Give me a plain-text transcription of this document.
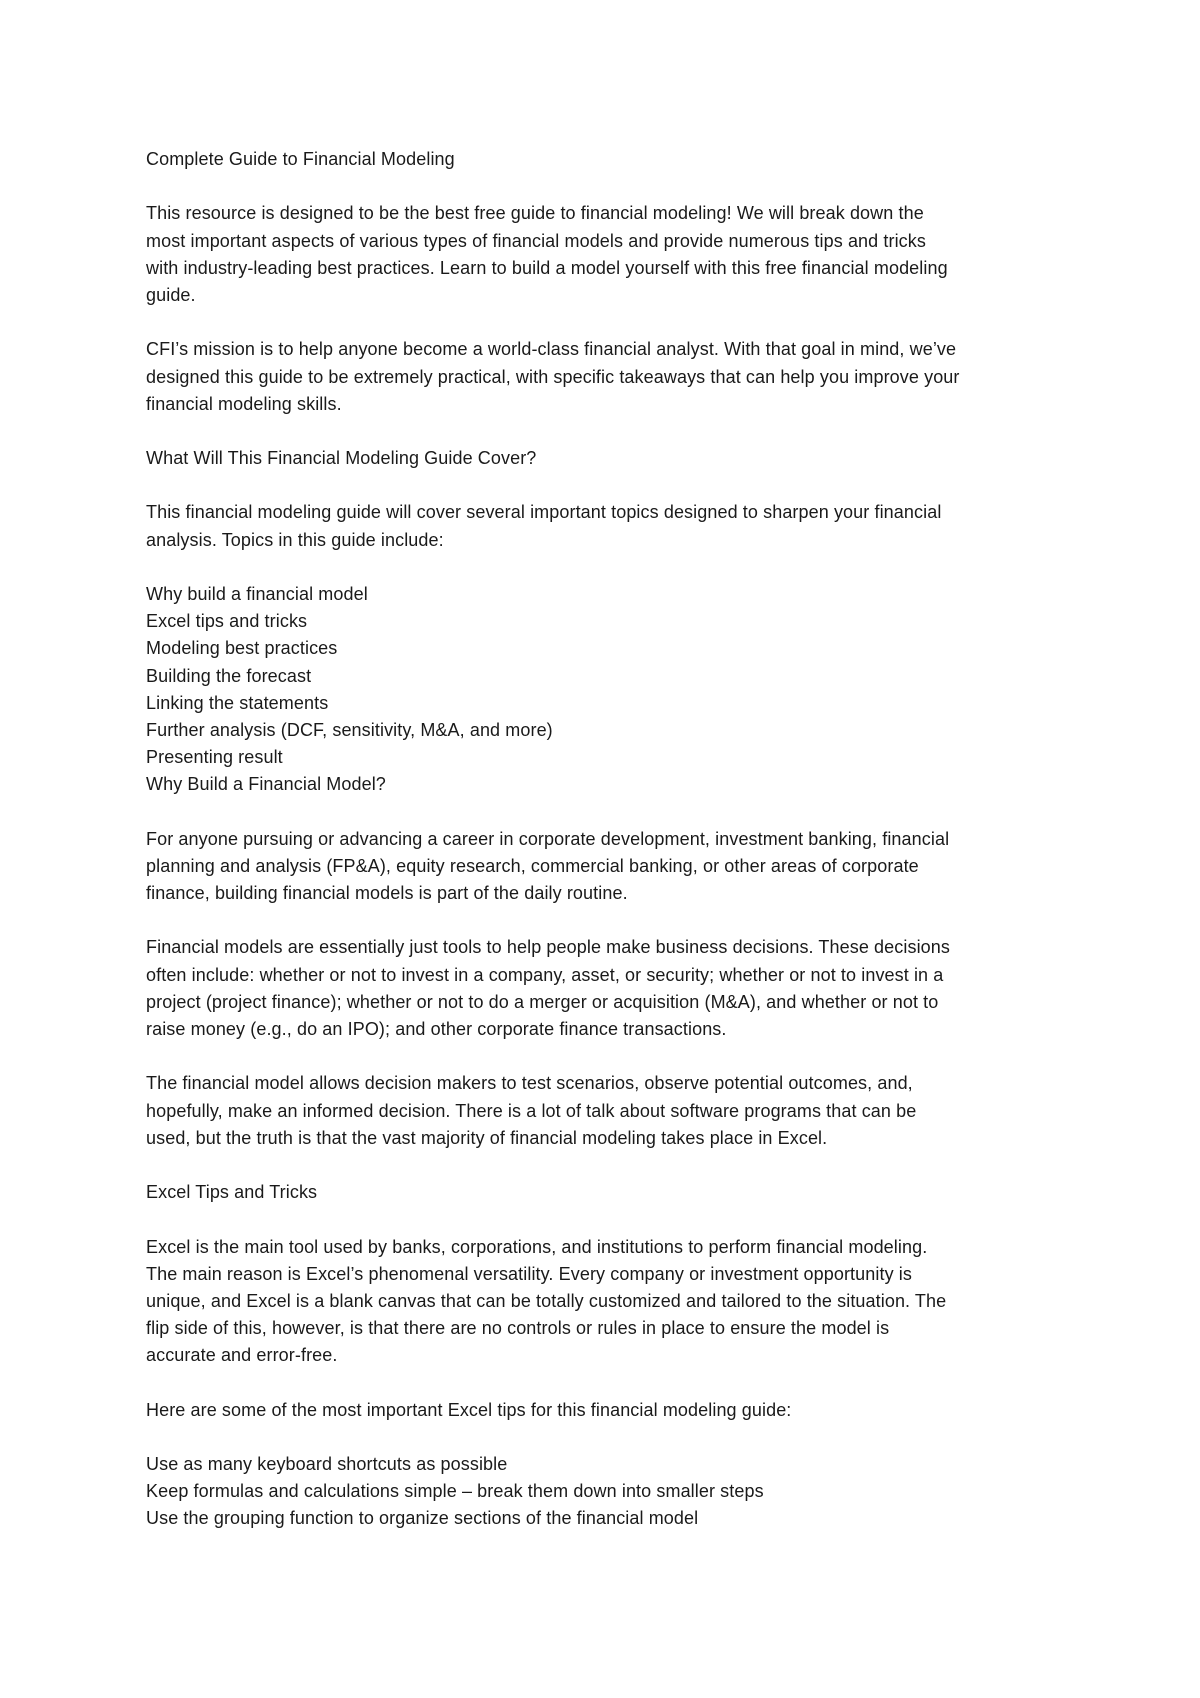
Complete Guide to Financial Modeling
This resource is designed to be the best free guide to financial modeling! We will break down the
most important aspects of various types of financial models and provide numerous tips and tricks
with industry-leading best practices. Learn to build a model yourself with this free financial modeling
guide.
CFI’s mission is to help anyone become a world-class financial analyst. With that goal in mind, we’ve
designed this guide to be extremely practical, with specific takeaways that can help you improve your
financial modeling skills.
What Will This Financial Modeling Guide Cover?
This financial modeling guide will cover several important topics designed to sharpen your financial
analysis. Topics in this guide include:
Why build a financial model
Excel tips and tricks
Modeling best practices
Building the forecast
Linking the statements
Further analysis (DCF, sensitivity, M&A, and more)
Presenting result
Why Build a Financial Model?
For anyone pursuing or advancing a career in corporate development, investment banking, financial
planning and analysis (FP&A), equity research, commercial banking, or other areas of corporate
finance, building financial models is part of the daily routine.
Financial models are essentially just tools to help people make business decisions. These decisions
often include: whether or not to invest in a company, asset, or security; whether or not to invest in a
project (project finance); whether or not to do a merger or acquisition (M&A), and whether or not to
raise money (e.g., do an IPO); and other corporate finance transactions.
The financial model allows decision makers to test scenarios, observe potential outcomes, and,
hopefully, make an informed decision. There is a lot of talk about software programs that can be
used, but the truth is that the vast majority of financial modeling takes place in Excel.
Excel Tips and Tricks
Excel is the main tool used by banks, corporations, and institutions to perform financial modeling.
The main reason is Excel’s phenomenal versatility. Every company or investment opportunity is
unique, and Excel is a blank canvas that can be totally customized and tailored to the situation. The
flip side of this, however, is that there are no controls or rules in place to ensure the model is
accurate and error-free.
Here are some of the most important Excel tips for this financial modeling guide:
Use as many keyboard shortcuts as possible
Keep formulas and calculations simple – break them down into smaller steps
Use the grouping function to organize sections of the financial model
